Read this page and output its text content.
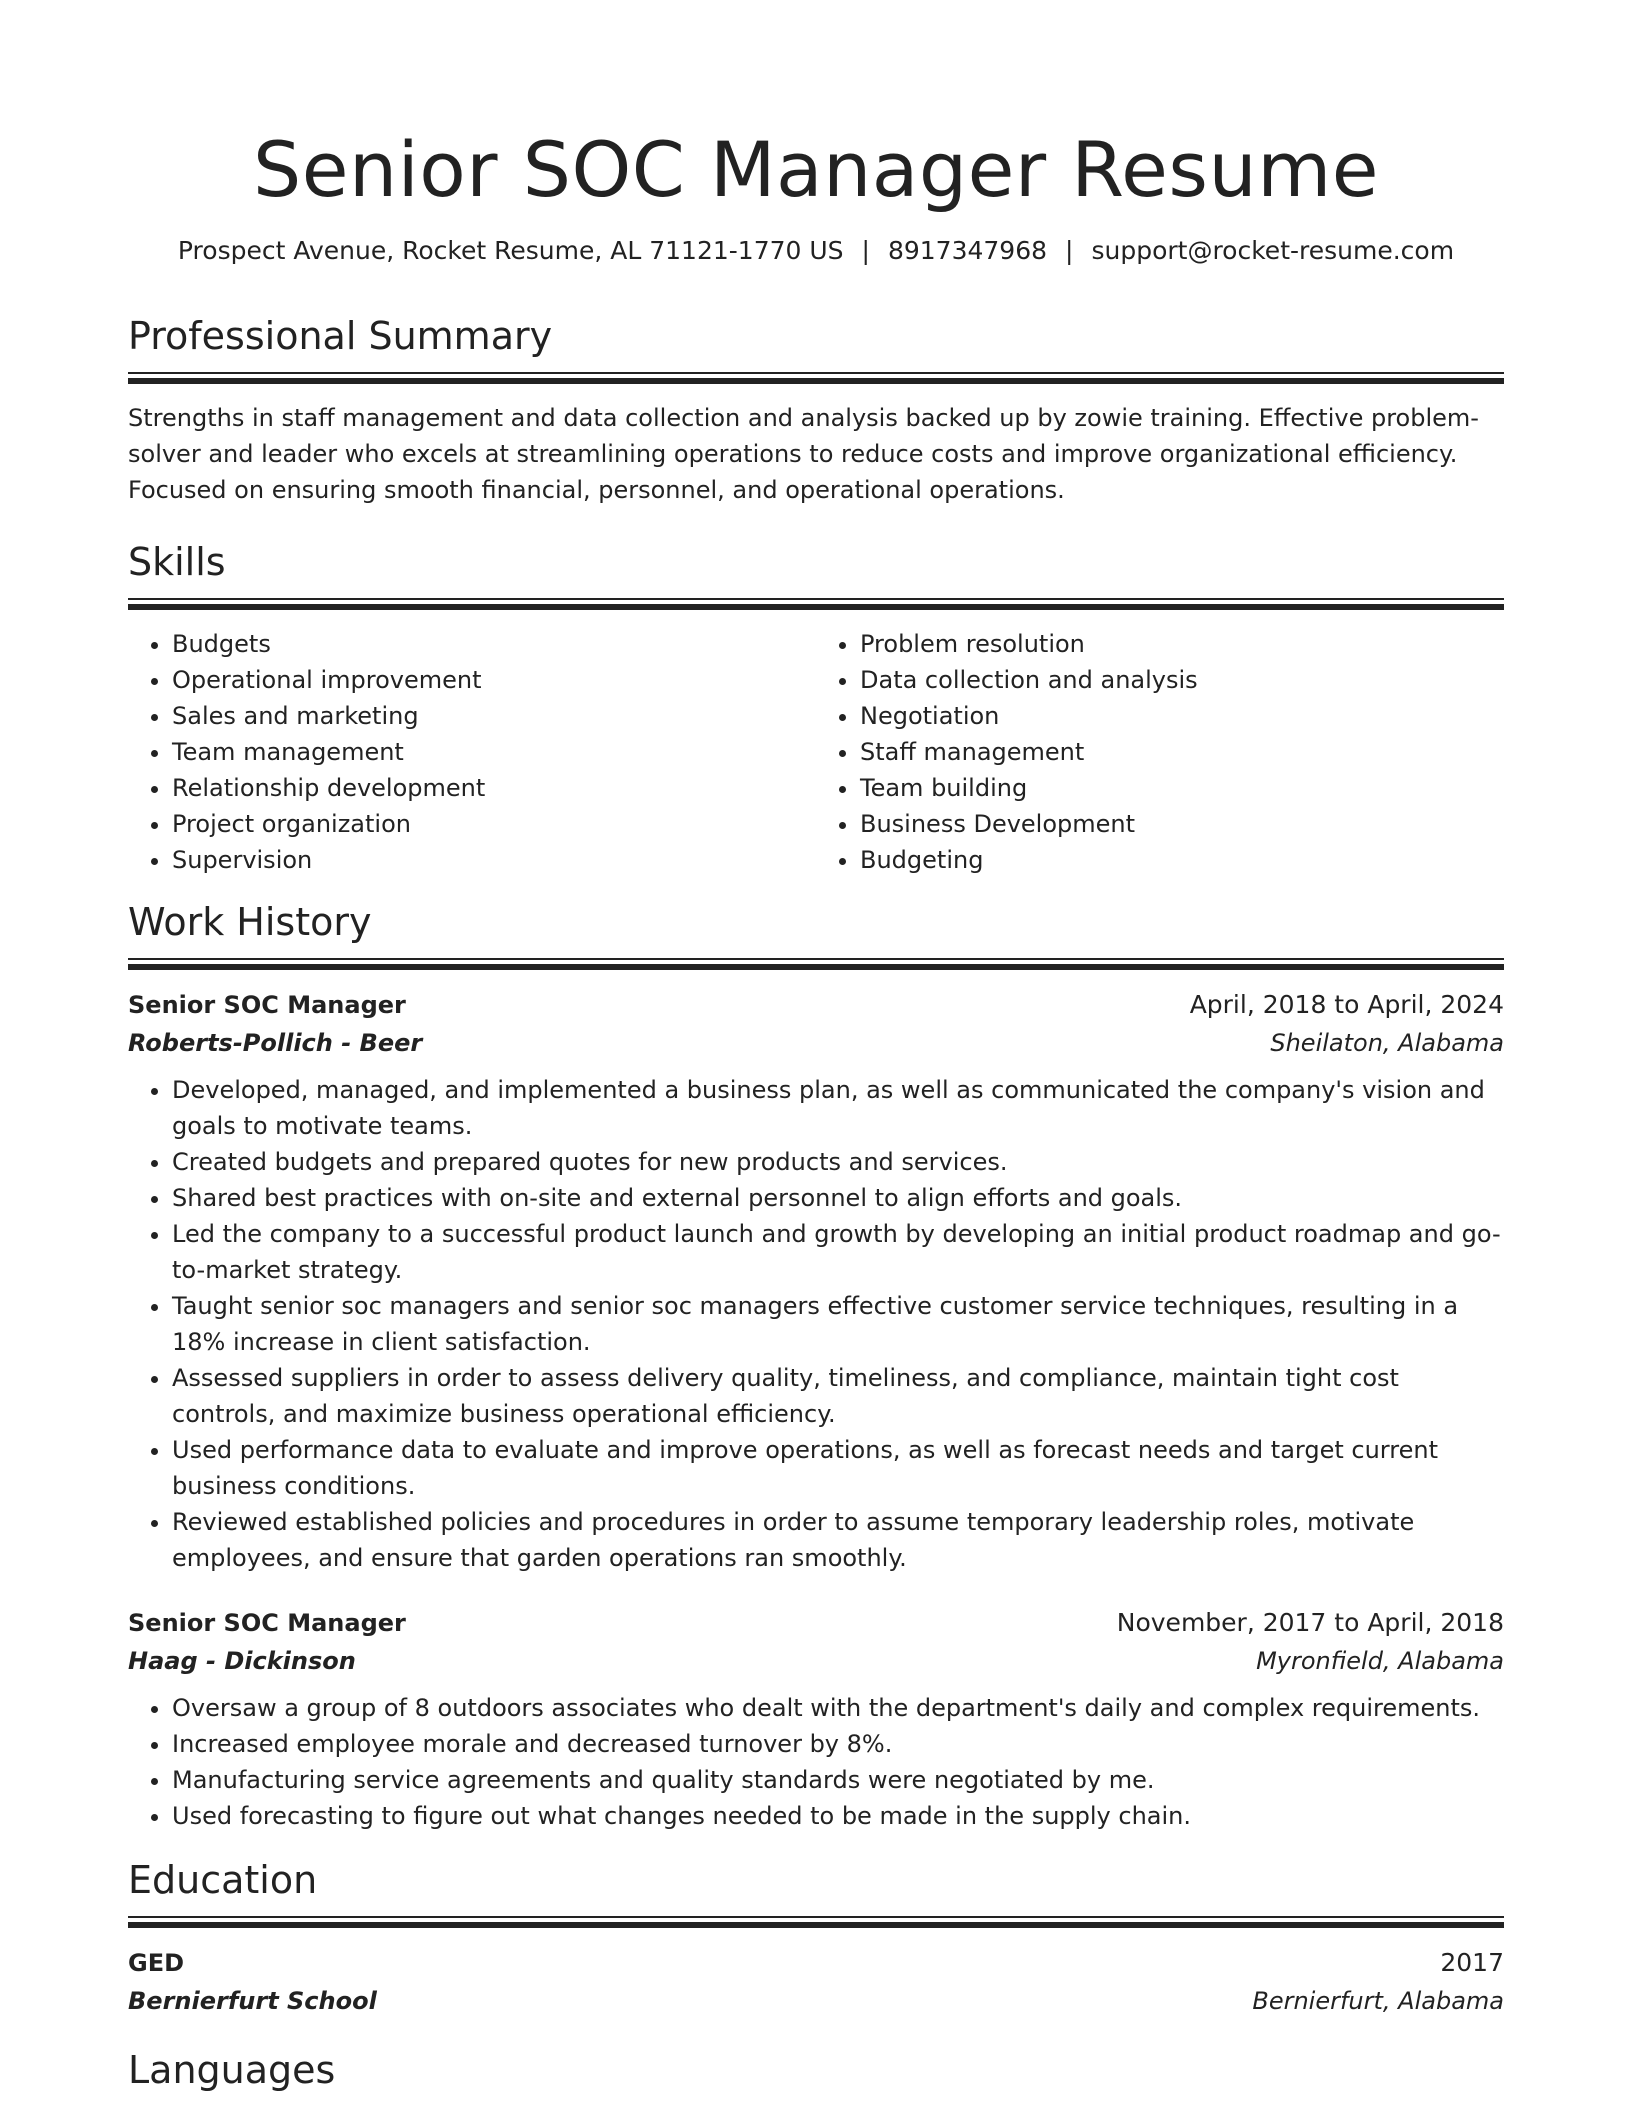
Senior SOC Manager Resume
Prospect Avenue, Rocket Resume, AL 71121-1770 US | 8917347968 | support@rocket-resume.com
Professional Summary
Strengths in staff management and data collection and analysis backed up by zowie training. Effective problem-solver and leader who excels at streamlining operations to reduce costs and improve organizational efficiency. Focused on ensuring smooth financial, personnel, and operational operations.
Skills
• Budgets
• Operational improvement
• Sales and marketing
• Team management
• Relationship development
• Project organization
• Supervision
• Problem resolution
• Data collection and analysis
• Negotiation
• Staff management
• Team building
• Business Development
• Budgeting
Work History
Senior SOC Manager	April, 2018 to April, 2024
Roberts-Pollich - Beer	Sheilaton, Alabama
• Developed, managed, and implemented a business plan, as well as communicated the company's vision and goals to motivate teams.
• Created budgets and prepared quotes for new products and services.
• Shared best practices with on-site and external personnel to align efforts and goals.
• Led the company to a successful product launch and growth by developing an initial product roadmap and go-to-market strategy.
• Taught senior soc managers and senior soc managers effective customer service techniques, resulting in a 18% increase in client satisfaction.
• Assessed suppliers in order to assess delivery quality, timeliness, and compliance, maintain tight cost controls, and maximize business operational efficiency.
• Used performance data to evaluate and improve operations, as well as forecast needs and target current business conditions.
• Reviewed established policies and procedures in order to assume temporary leadership roles, motivate employees, and ensure that garden operations ran smoothly.
Senior SOC Manager	November, 2017 to April, 2018
Haag - Dickinson	Myronfield, Alabama
• Oversaw a group of 8 outdoors associates who dealt with the department's daily and complex requirements.
• Increased employee morale and decreased turnover by 8%.
• Manufacturing service agreements and quality standards were negotiated by me.
• Used forecasting to figure out what changes needed to be made in the supply chain.
Education
GED	2017
Bernierfurt School	Bernierfurt, Alabama
Languages
